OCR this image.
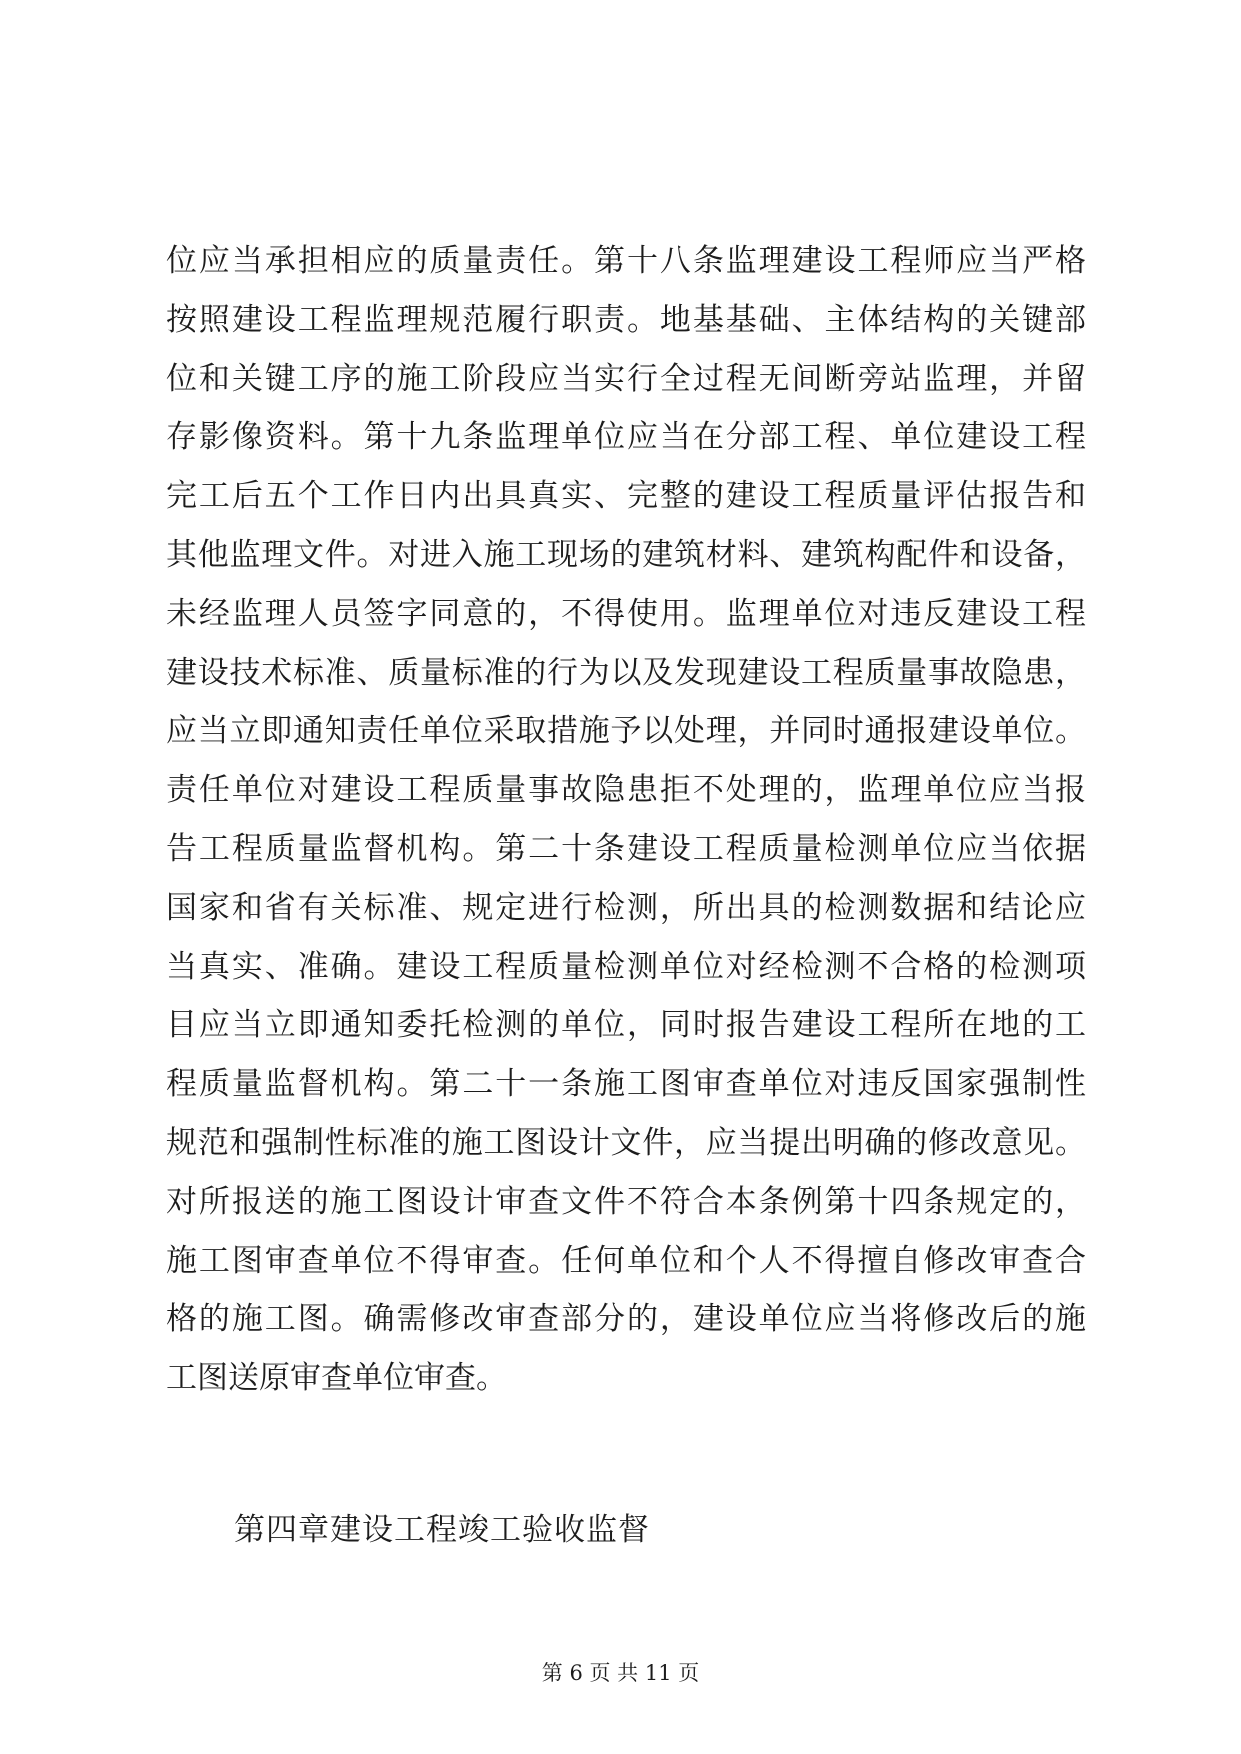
位应当承担相应的质量责任。第十八条监理建设工程师应当严格
按照建设工程监理规范履行职责。地基基础、主体结构的关键部
位和关键工序的施工阶段应当实行全过程无间断旁站监理，并留
存影像资料。第十九条监理单位应当在分部工程、单位建设工程
完工后五个工作日内出具真实、完整的建设工程质量评估报告和
其他监理文件。对进入施工现场的建筑材料、建筑构配件和设备，
未经监理人员签字同意的，不得使用。监理单位对违反建设工程
建设技术标准、质量标准的行为以及发现建设工程质量事故隐患，
应当立即通知责任单位采取措施予以处理，并同时通报建设单位。
责任单位对建设工程质量事故隐患拒不处理的，监理单位应当报
告工程质量监督机构。第二十条建设工程质量检测单位应当依据
国家和省有关标准、规定进行检测，所出具的检测数据和结论应
当真实、准确。建设工程质量检测单位对经检测不合格的检测项
目应当立即通知委托检测的单位，同时报告建设工程所在地的工
程质量监督机构。第二十一条施工图审查单位对违反国家强制性
规范和强制性标准的施工图设计文件，应当提出明确的修改意见。
对所报送的施工图设计审查文件不符合本条例第十四条规定的，
施工图审查单位不得审查。任何单位和个人不得擅自修改审查合
格的施工图。确需修改审查部分的，建设单位应当将修改后的施
工图送原审查单位审查。
第四章建设工程竣工验收监督
第 6 页 共 11 页
